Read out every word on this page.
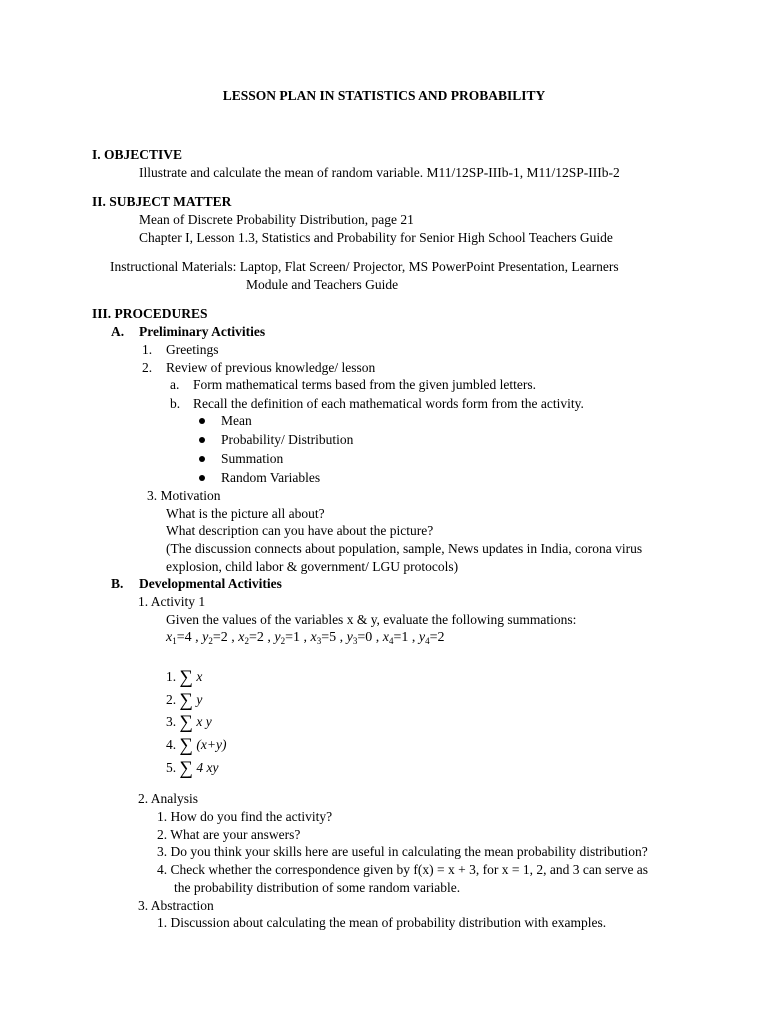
LESSON PLAN IN STATISTICS AND PROBABILITY
I. OBJECTIVE
Illustrate and calculate the mean of random variable. M11/12SP-IIIb-1, M11/12SP-IIIb-2
II. SUBJECT MATTER
Mean of Discrete Probability Distribution, page 21
Chapter I, Lesson 1.3, Statistics and Probability for Senior High School Teachers Guide
Instructional Materials: Laptop, Flat Screen/ Projector, MS PowerPoint Presentation, Learners
Module and Teachers Guide
III. PROCEDURES
A. Preliminary Activities
1. Greetings
2. Review of previous knowledge/ lesson
a. Form mathematical terms based from the given jumbled letters.
b. Recall the definition of each mathematical words form from the activity.
Mean
Probability/ Distribution
Summation
Random Variables
3. Motivation
What is the picture all about?
What description can you have about the picture?
(The discussion connects about population, sample, News updates in India, corona virus
explosion, child labor & government/ LGU protocols)
B. Developmental Activities
1. Activity 1
Given the values of the variables x & y, evaluate the following summations:
$x_1=4$ , $y_2=2$ , $x_2=2$ , $y_2=1$ , $x_3=5$ , $y_3=0$ , $x_4=1$ , $y_4=2$
1. ∑ x
2. ∑ y
3. ∑ x y
4. ∑ (x+y)
5. ∑ 4 xy
2. Analysis
1. How do you find the activity?
2. What are your answers?
3. Do you think your skills here are useful in calculating the mean probability distribution?
4. Check whether the correspondence given by f(x) = x + 3, for x = 1, 2, and 3 can serve as
the probability distribution of some random variable.
3. Abstraction
1. Discussion about calculating the mean of probability distribution with examples.
